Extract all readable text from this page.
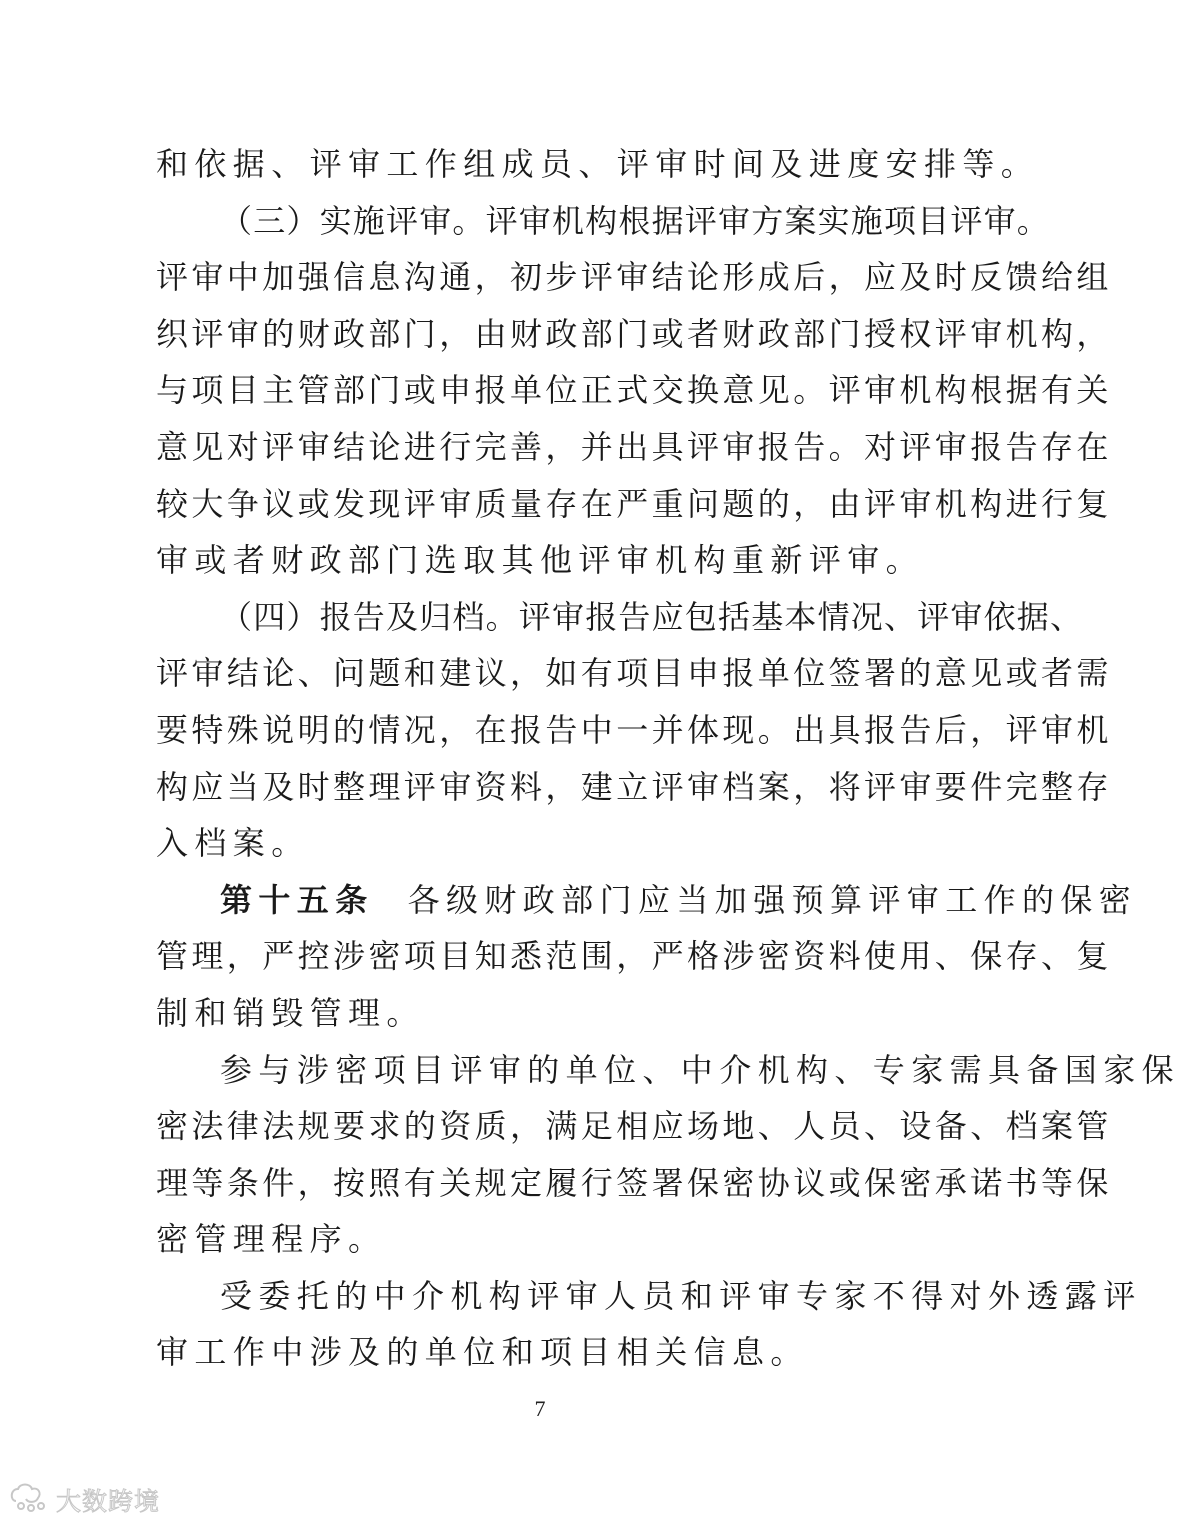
和依据、评审工作组成员、评审时间及进度安排等。
（三）实施评审。评审机构根据评审方案实施项目评审。
评审中加强信息沟通，初步评审结论形成后，应及时反馈给组
织评审的财政部门，由财政部门或者财政部门授权评审机构，
与项目主管部门或申报单位正式交换意见。评审机构根据有关
意见对评审结论进行完善，并出具评审报告。对评审报告存在
较大争议或发现评审质量存在严重问题的，由评审机构进行复
审或者财政部门选取其他评审机构重新评审。
（四）报告及归档。评审报告应包括基本情况、评审依据、
评审结论、问题和建议，如有项目申报单位签署的意见或者需
要特殊说明的情况，在报告中一并体现。出具报告后，评审机
构应当及时整理评审资料，建立评审档案，将评审要件完整存
入档案。
第十五条 各级财政部门应当加强预算评审工作的保密
管理，严控涉密项目知悉范围，严格涉密资料使用、保存、复
制和销毁管理。
参与涉密项目评审的单位、中介机构、专家需具备国家保
密法律法规要求的资质，满足相应场地、人员、设备、档案管
理等条件，按照有关规定履行签署保密协议或保密承诺书等保
密管理程序。
受委托的中介机构评审人员和评审专家不得对外透露评
审工作中涉及的单位和项目相关信息。
7
大数跨境
